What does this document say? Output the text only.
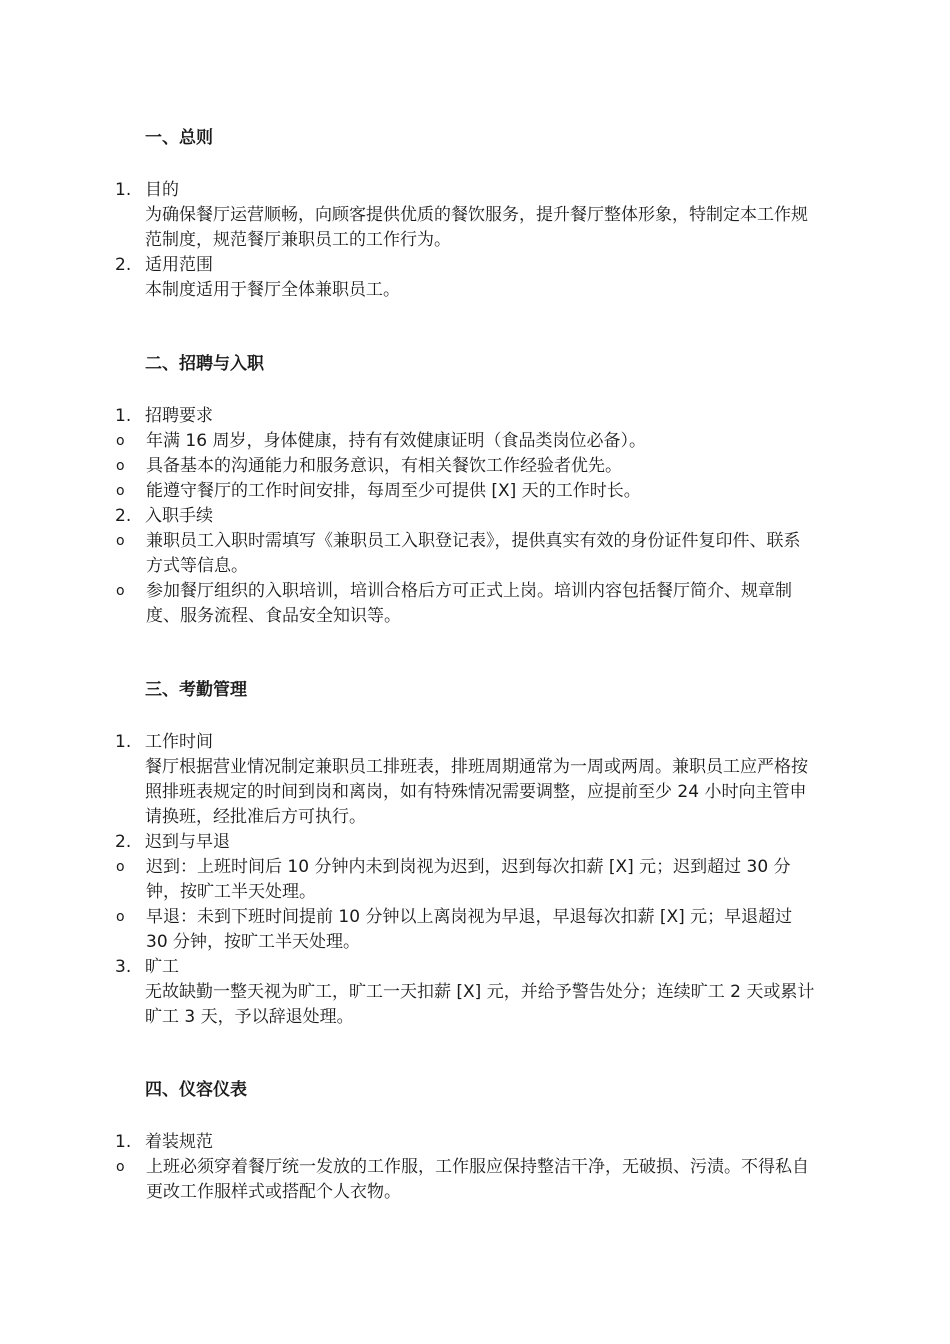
一、总则
1. 目的
为确保餐厅运营顺畅，向顾客提供优质的餐饮服务，提升餐厅整体形象，特制定本工作规范制度，规范餐厅兼职员工的工作行为。
2. 适用范围
本制度适用于餐厅全体兼职员工。
二、招聘与入职
1. 招聘要求
o	年满 16 周岁，身体健康，持有有效健康证明（食品类岗位必备）。
o	具备基本的沟通能力和服务意识，有相关餐饮工作经验者优先。
o	能遵守餐厅的工作时间安排，每周至少可提供 [X] 天的工作时长。
2. 入职手续
o	兼职员工入职时需填写《兼职员工入职登记表》，提供真实有效的身份证件复印件、联系方式等信息。
o	参加餐厅组织的入职培训，培训合格后方可正式上岗。培训内容包括餐厅简介、规章制度、服务流程、食品安全知识等。
三、考勤管理
1. 工作时间
餐厅根据营业情况制定兼职员工排班表，排班周期通常为一周或两周。兼职员工应严格按照排班表规定的时间到岗和离岗，如有特殊情况需要调整，应提前至少 24 小时向主管申请换班，经批准后方可执行。
2. 迟到与早退
o	迟到：上班时间后 10 分钟内未到岗视为迟到，迟到每次扣薪 [X] 元；迟到超过 30 分钟，按旷工半天处理。
o	早退：未到下班时间提前 10 分钟以上离岗视为早退，早退每次扣薪 [X] 元；早退超过 30 分钟，按旷工半天处理。
3. 旷工
无故缺勤一整天视为旷工，旷工一天扣薪 [X] 元，并给予警告处分；连续旷工 2 天或累计旷工 3 天，予以辞退处理。
四、仪容仪表
1. 着装规范
o	上班必须穿着餐厅统一发放的工作服，工作服应保持整洁干净，无破损、污渍。不得私自更改工作服样式或搭配个人衣物。
